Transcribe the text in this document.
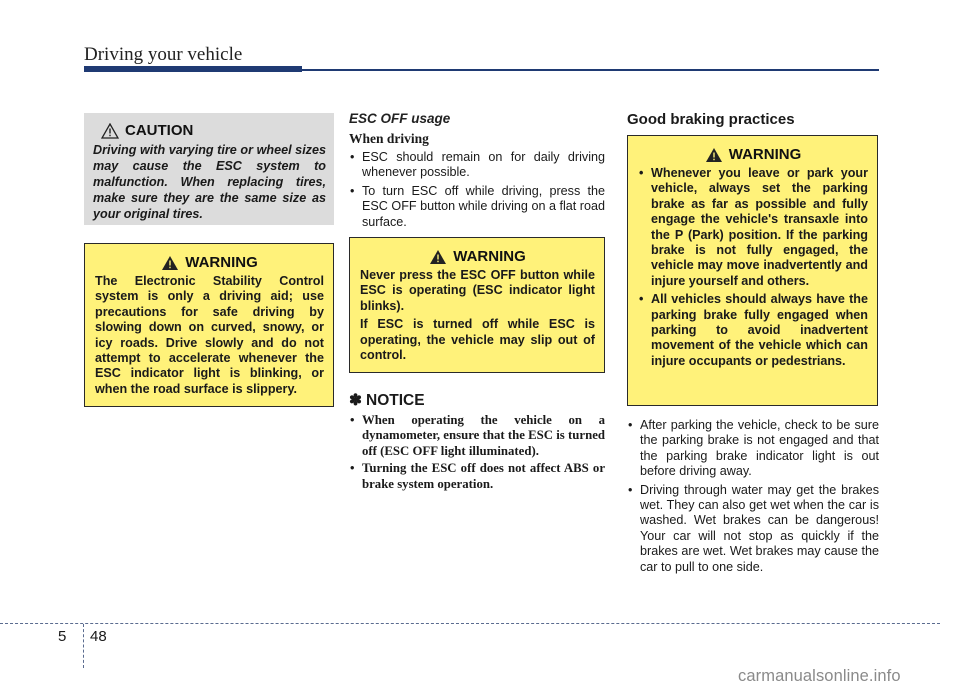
Driving your vehicle
CAUTION
Driving with varying tire or wheel sizes may cause the ESC system to malfunction. When replacing tires, make sure they are the same size as your original tires.
WARNING
The Electronic Stability Control system is only a driving aid; use precautions for safe driving by slowing down on curved, snowy, or icy roads. Drive slowly and do not attempt to accelerate whenever the ESC indicator light is blinking, or when the road surface is slippery.
ESC OFF usage
When driving
• ESC should remain on for daily driving whenever possible.
• To turn ESC off while driving, press the ESC OFF button while driving on a flat road surface.
WARNING

Never press the ESC OFF button while ESC is operating (ESC indicator light blinks).

If ESC is turned off while ESC is operating, the vehicle may slip out of control.

✽ NOTICE
• When operating the vehicle on a dynamometer, ensure that the ESC is turned off (ESC OFF light illuminated).
• Turning the ESC off does not affect ABS or brake system operation.
Good braking practices
WARNING
• Whenever you leave or park your vehicle, always set the parking brake as far as possible and fully engage the vehicle's transaxle into the P (Park) position. If the parking brake is not fully engaged, the vehicle may move inadvertently and injure yourself and others.
• All vehicles should always have the parking brake fully engaged when parking to avoid inadvertent movement of the vehicle which can injure occupants or pedestrians.
• After parking the vehicle, check to be sure the parking brake is not engaged and that the parking brake indicator light is out before driving away.
• Driving through water may get the brakes wet. They can also get wet when the car is washed. Wet brakes can be dangerous! Your car will not stop as quickly if the brakes are wet. Wet brakes may cause the car to pull to one side.
5 48
carmanualsonline.info
